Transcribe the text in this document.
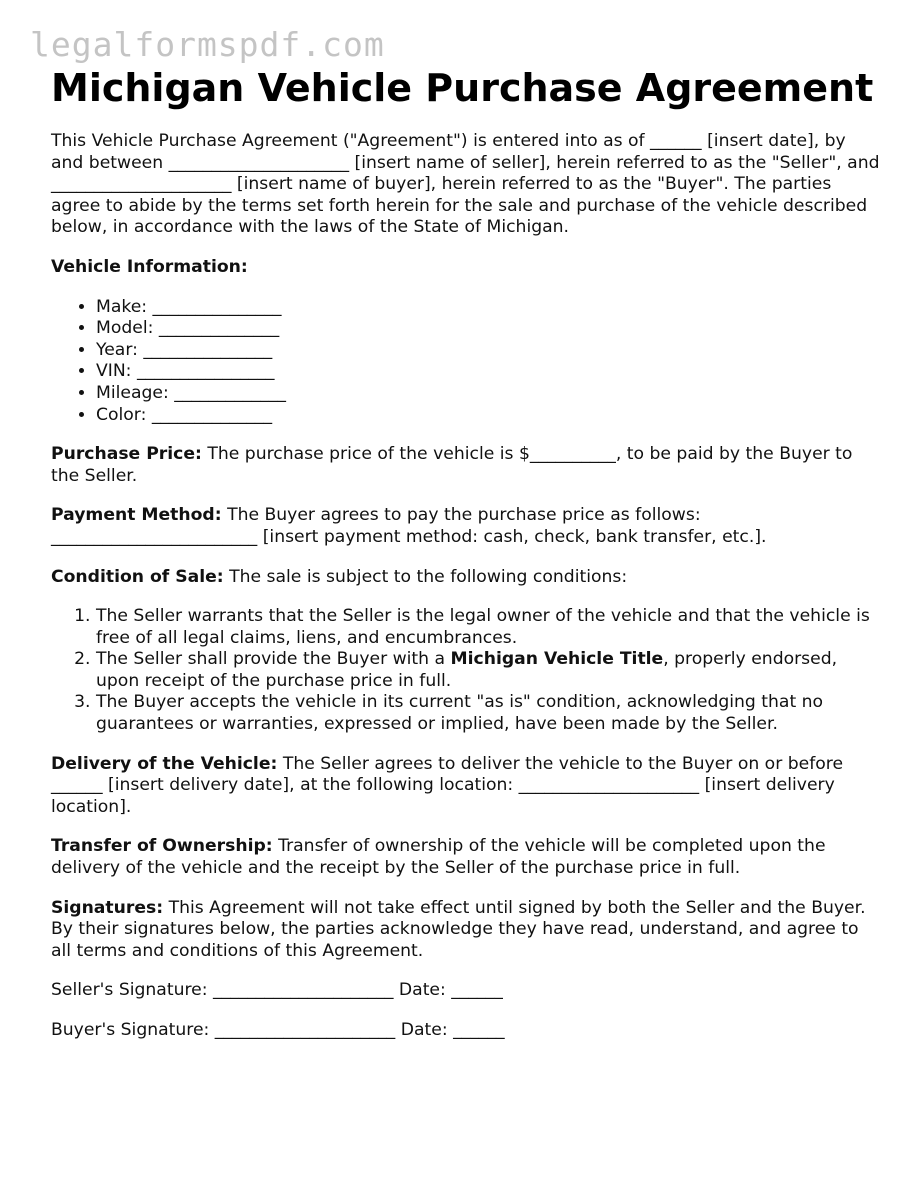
legalformspdf.com
Michigan Vehicle Purchase Agreement

This Vehicle Purchase Agreement ("Agreement") is entered into as of ______ [insert date], by and between _____________________ [insert name of seller], herein referred to as the "Seller", and _____________________ [insert name of buyer], herein referred to as the "Buyer". The parties agree to abide by the terms set forth herein for the sale and purchase of the vehicle described below, in accordance with the laws of the State of Michigan.

Vehicle Information:

• Make: _______________
• Model: ______________
• Year: _______________
• VIN: ________________
• Mileage: _____________
• Color: ______________

Purchase Price: The purchase price of the vehicle is $__________, to be paid by the Buyer to the Seller.

Payment Method: The Buyer agrees to pay the purchase price as follows: ________________________ [insert payment method: cash, check, bank transfer, etc.].

Condition of Sale: The sale is subject to the following conditions:

1. The Seller warrants that the Seller is the legal owner of the vehicle and that the vehicle is free of all legal claims, liens, and encumbrances.
2. The Seller shall provide the Buyer with a Michigan Vehicle Title, properly endorsed, upon receipt of the purchase price in full.
3. The Buyer accepts the vehicle in its current "as is" condition, acknowledging that no guarantees or warranties, expressed or implied, have been made by the Seller.

Delivery of the Vehicle: The Seller agrees to deliver the vehicle to the Buyer on or before ______ [insert delivery date], at the following location: _____________________ [insert delivery location].

Transfer of Ownership: Transfer of ownership of the vehicle will be completed upon the delivery of the vehicle and the receipt by the Seller of the purchase price in full.

Signatures: This Agreement will not take effect until signed by both the Seller and the Buyer. By their signatures below, the parties acknowledge they have read, understand, and agree to all terms and conditions of this Agreement.

Seller's Signature: _____________________ Date: ______

Buyer's Signature: _____________________ Date: ______
